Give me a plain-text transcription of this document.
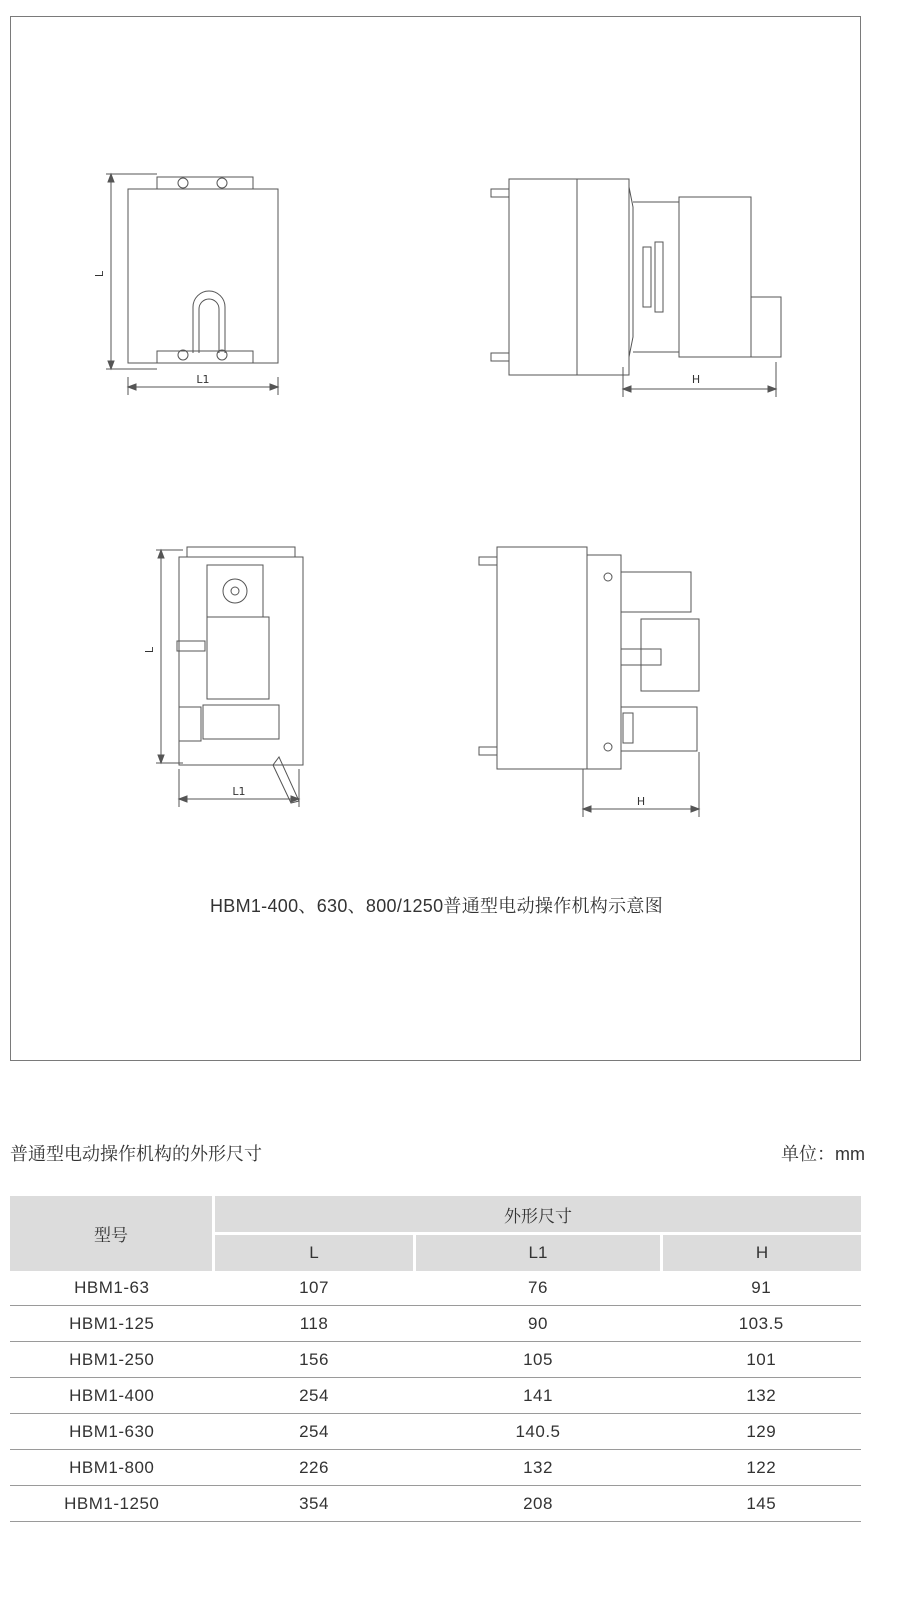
L
L1	H
L
L1
H
HBM1-400、630、800/1250普通型电动操作机构示意图
普通型电动操作机构的外形尺寸	单位：mm
型号	外形尺寸		
	L	L1	H
HBM1-63	107	76	91
HBM1-125	118	90	103.5
HBM1-250	156	105	101
HBM1-400	254	141	132
HBM1-630	254	140.5	129
HBM1-800	226	132	122
HBM1-1250	354	208	145
